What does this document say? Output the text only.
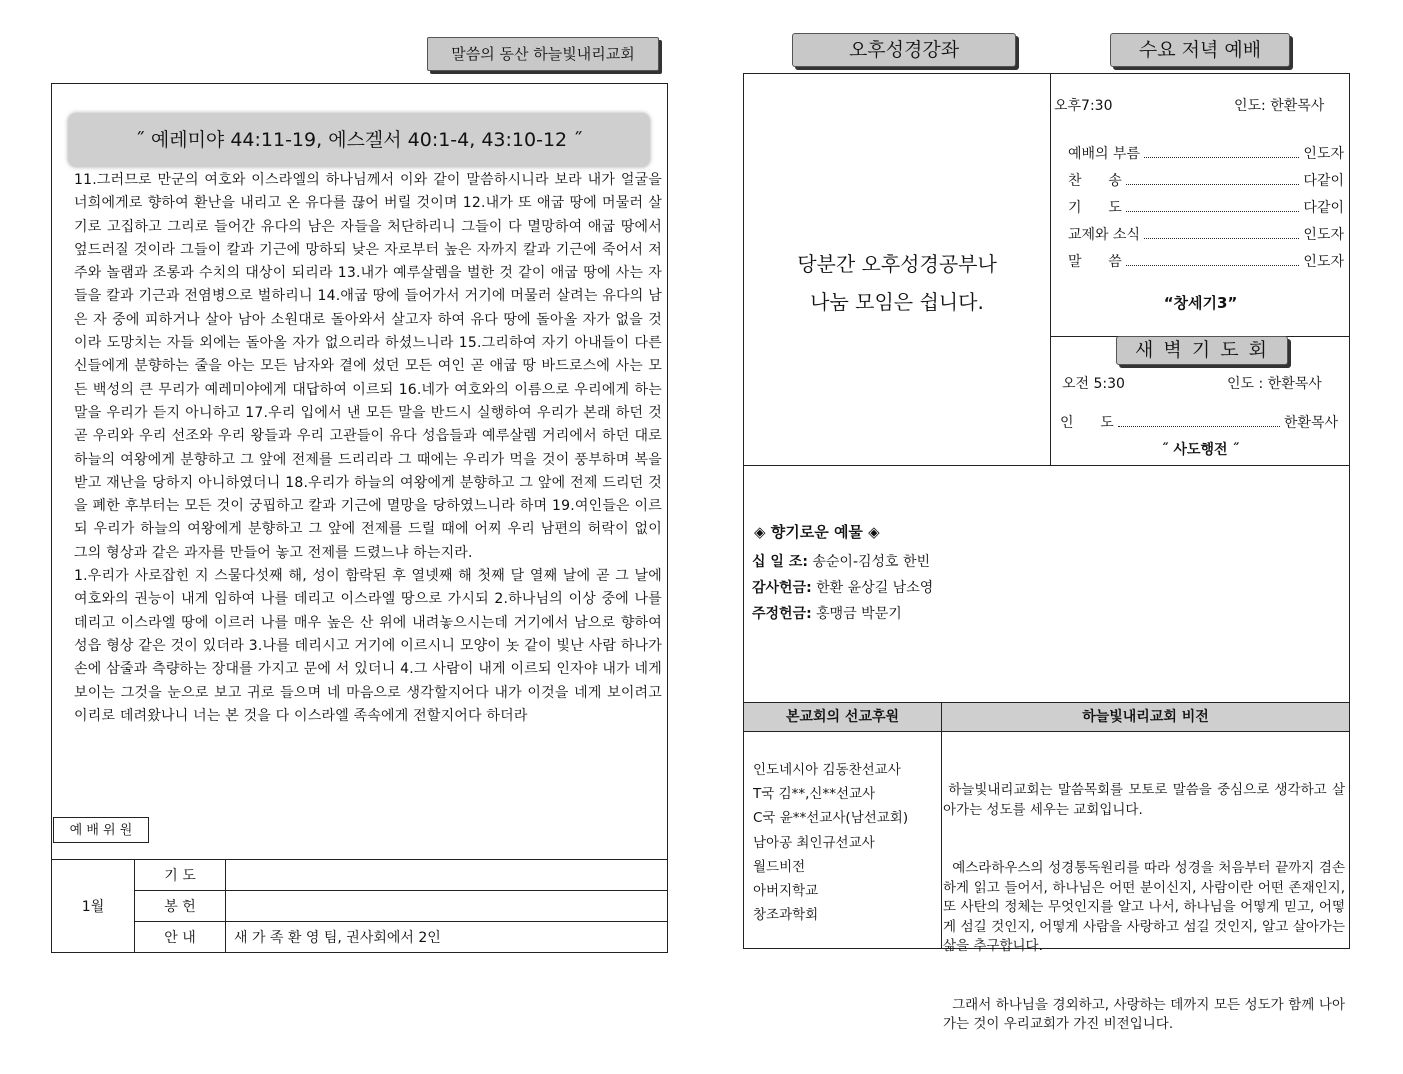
말씀의 동산 하늘빛내리교회
˝ 예레미야 44:11-19, 에스겔서 40:1-4, 43:10-12 ˝

11.그러므로 만군의 여호와 이스라엘의 하나님께서 이와 같이 말씀하시니라 보라 내가 얼굴을 너희에게로 향하여 환난을 내리고 온 유다를 끊어 버릴 것이며 12.내가 또 애굽 땅에 머물러 살기로 고집하고 그리로 들어간 유다의 남은 자들을 처단하리니 그들이 다 멸망하여 애굽 땅에서 엎드러질 것이라 그들이 칼과 기근에 망하되 낮은 자로부터 높은 자까지 칼과 기근에 죽어서 저주와 놀램과 조롱과 수치의 대상이 되리라 13.내가 예루살렘을 벌한 것 같이 애굽 땅에 사는 자들을 칼과 기근과 전염병으로 벌하리니 14.애굽 땅에 들어가서 거기에 머물러 살려는 유다의 남은 자 중에 피하거나 살아 남아 소원대로 돌아와서 살고자 하여 유다 땅에 돌아올 자가 없을 것이라 도망치는 자들 외에는 돌아올 자가 없으리라 하셨느니라 15.그리하여 자기 아내들이 다른 신들에게 분향하는 줄을 아는 모든 남자와 곁에 섰던 모든 여인 곧 애굽 땅 바드로스에 사는 모든 백성의 큰 무리가 예레미야에게 대답하여 이르되 16.네가 여호와의 이름으로 우리에게 하는 말을 우리가 듣지 아니하고 17.우리 입에서 낸 모든 말을 반드시 실행하여 우리가 본래 하던 것 곧 우리와 우리 선조와 우리 왕들과 우리 고관들이 유다 성읍들과 예루살렘 거리에서 하던 대로 하늘의 여왕에게 분향하고 그 앞에 전제를 드리리라 그 때에는 우리가 먹을 것이 풍부하며 복을 받고 재난을 당하지 아니하였더니 18.우리가 하늘의 여왕에게 분향하고 그 앞에 전제 드리던 것을 폐한 후부터는 모든 것이 궁핍하고 칼과 기근에 멸망을 당하였느니라 하며 19.여인들은 이르되 우리가 하늘의 여왕에게 분향하고 그 앞에 전제를 드릴 때에 어찌 우리 남편의 허락이 없이 그의 형상과 같은 과자를 만들어 놓고 전제를 드렸느냐 하는지라.

1.우리가 사로잡힌 지 스물다섯째 해, 성이 함락된 후 열넷째 해 첫째 달 열째 날에 곧 그 날에 여호와의 권능이 내게 임하여 나를 데리고 이스라엘 땅으로 가시되 2.하나님의 이상 중에 나를 데리고 이스라엘 땅에 이르러 나를 매우 높은 산 위에 내려놓으시는데 거기에서 남으로 향하여 성읍 형상 같은 것이 있더라 3.나를 데리시고 거기에 이르시니 모양이 놋 같이 빛난 사람 하나가 손에 삼줄과 측량하는 장대를 가지고 문에 서 있더니 4.그 사람이 내게 이르되 인자야 내가 네게 보이는 그것을 눈으로 보고 귀로 들으며 네 마음으로 생각할지어다 내가 이것을 네게 보이려고 이리로 데려왔나니 너는 본 것을 다 이스라엘 족속에게 전할지어다 하더라

예 배 위 원
1월	기 도	
	봉 헌	
	안 내	새 가 족 환 영 팀, 권사회에서 2인
오후성경강좌	수요 저녁 예배
당분간 오후성경공부나
나눔 모임은 쉽니다.
오후7:30	인도: 한환목사
예배의 부름	인도자
찬      송	다같이
기      도	다같이
교제와 소식	인도자
말      씀	인도자
“창세기3”
새 벽 기 도 회
오전 5:30	인도 : 한환목사
인      도	한환목사
˝ 사도행전 ˝
◈ 향기로운 예물 ◈
십 일 조: 송순이-김성호 한빈
감사헌금: 한환 윤상길 남소영
주정헌금: 홍맹금 박문기
본교회의 선교후원	하늘빛내리교회 비전
인도네시아 김동찬선교사
T국 김**,신**선교사
C국 윤**선교사(남선교회)
남아공 최인규선교사
월드비전
아버지학교
창조과학회

하늘빛내리교회는 말씀목회를 모토로 말씀을 중심으로 생각하고 살아가는 성도를 세우는 교회입니다.

예스라하우스의 성경통독원리를 따라 성경을 처음부터 끝까지 겸손하게 읽고 들어서, 하나님은 어떤 분이신지, 사람이란 어떤 존재인지, 또 사탄의 정체는 무엇인지를 알고 나서, 하나님을 어떻게 믿고, 어떻게 섬길 것인지, 어떻게 사람을 사랑하고 섬길 것인지, 알고 살아가는 삶을 추구합니다.

그래서 하나님을 경외하고, 사랑하는 데까지 모든 성도가 함께 나아가는 것이 우리교회가 가진 비전입니다.
